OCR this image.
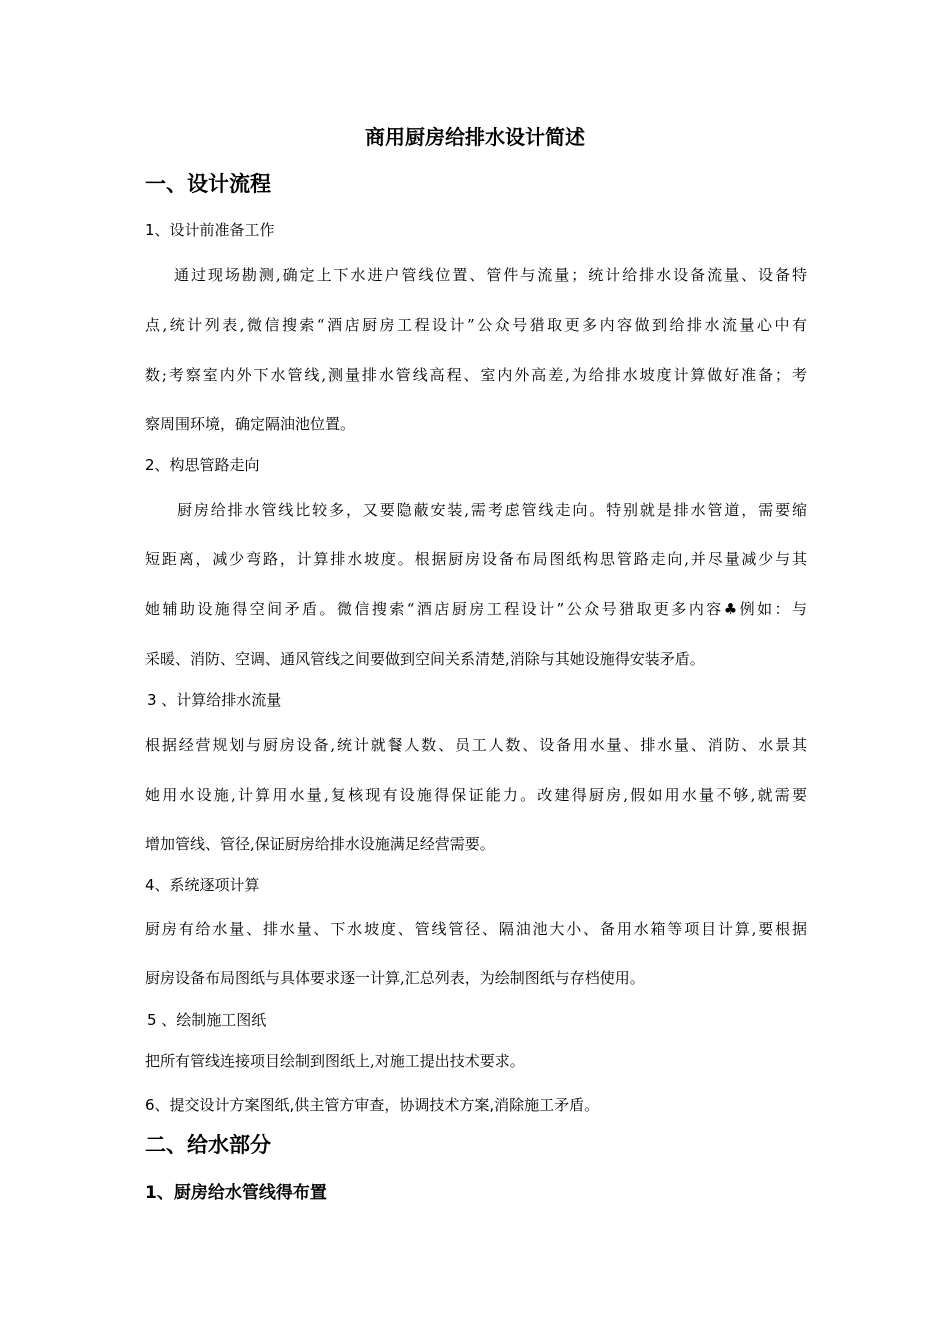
商用厨房给排水设计简述
一、设计流程

1、设计前准备工作

通过现场勘测,确定上下水进户管线位置、管件与流量；统计给排水设备流量、设备特

点,统计列表,微信搜索“酒店厨房工程设计”公众号猎取更多内容做到给排水流量心中有

数;考察室内外下水管线,测量排水管线高程、室内外高差,为给排水坡度计算做好准备；考

察周围环境，确定隔油池位置。

2、构思管路走向

厨房给排水管线比较多，又要隐蔽安装,需考虑管线走向。特别就是排水管道，需要缩

短距离，减少弯路，计算排水坡度。根据厨房设备布局图纸构思管路走向,并尽量减少与其

她辅助设施得空间矛盾。微信搜索“酒店厨房工程设计”公众号猎取更多内容♣例如：与

采暖、消防、空调、通风管线之间要做到空间关系清楚,消除与其她设施得安装矛盾。

3 、计算给排水流量

根据经营规划与厨房设备,统计就餐人数、员工人数、设备用水量、排水量、消防、水景其

她用水设施,计算用水量,复核现有设施得保证能力。改建得厨房,假如用水量不够,就需要

增加管线、管径,保证厨房给排水设施满足经营需要。

4、系统逐项计算

厨房有给水量、排水量、下水坡度、管线管径、隔油池大小、备用水箱等项目计算,要根据

厨房设备布局图纸与具体要求逐一计算,汇总列表，为绘制图纸与存档使用。

5 、绘制施工图纸

把所有管线连接项目绘制到图纸上,对施工提出技术要求。

6、提交设计方案图纸,供主管方审查，协调技术方案,消除施工矛盾。

二、给水部分
1、厨房给水管线得布置
